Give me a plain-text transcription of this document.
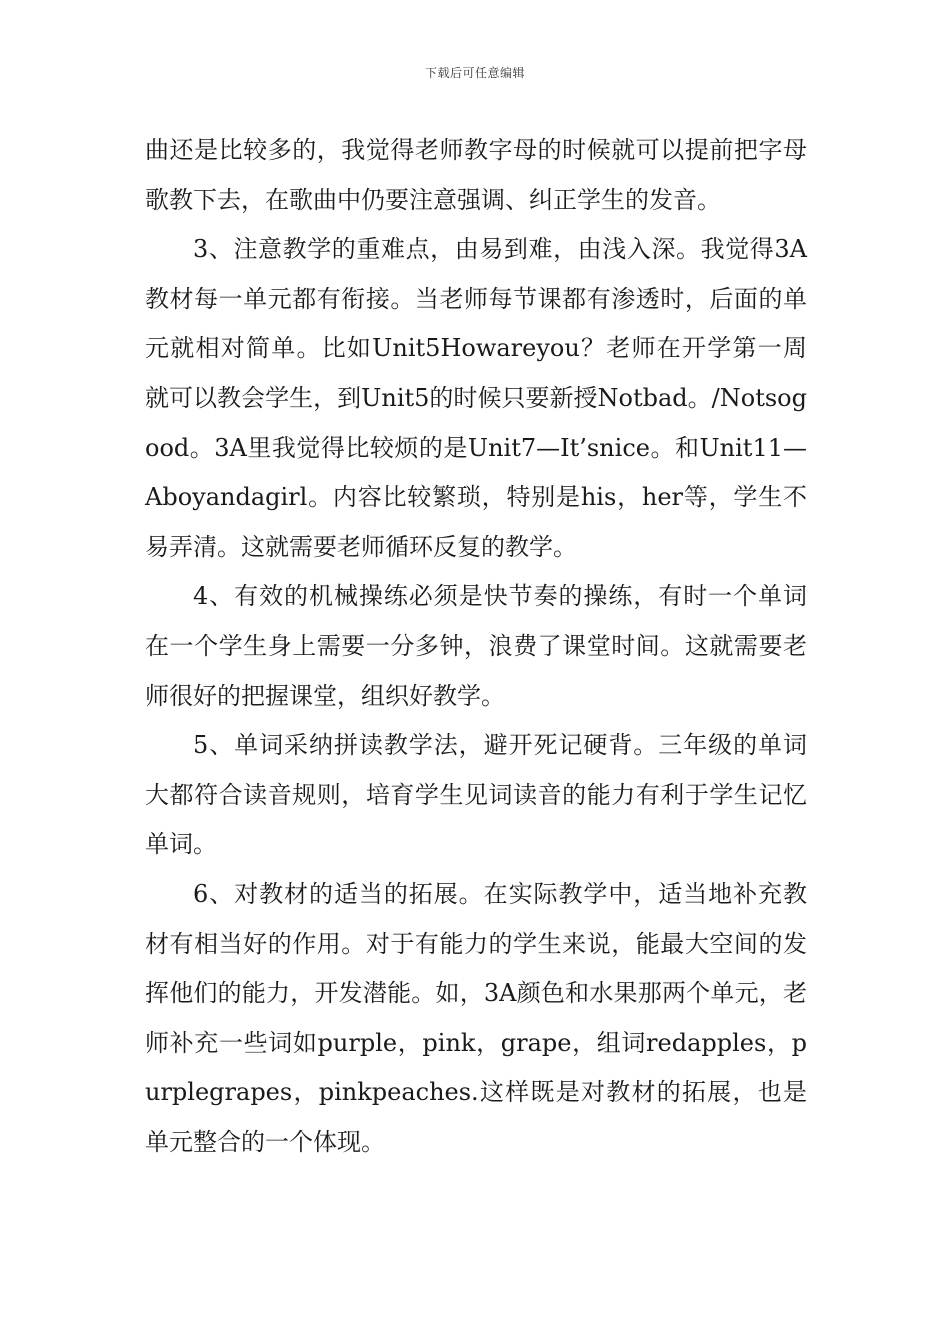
下载后可任意编辑

曲还是比较多的，我觉得老师教字母的时候就可以提前把字母歌教下去，在歌曲中仍要注意强调、纠正学生的发音。

3、注意教学的重难点，由易到难，由浅入深。我觉得3A教材每一单元都有衔接。当老师每节课都有渗透时，后面的单元就相对简单。比如Unit5Howareyou？老师在开学第一周就可以教会学生，到Unit5的时候只要新授Notbad。/Notsogood。3A里我觉得比较烦的是Unit7—It’snice。和Unit11—Aboyandagirl。内容比较繁琐，特别是his，her等，学生不易弄清。这就需要老师循环反复的教学。

4、有效的机械操练必须是快节奏的操练，有时一个单词在一个学生身上需要一分多钟，浪费了课堂时间。这就需要老师很好的把握课堂，组织好教学。

5、单词采纳拼读教学法，避开死记硬背。三年级的单词大都符合读音规则，培育学生见词读音的能力有利于学生记忆单词。

6、对教材的适当的拓展。在实际教学中，适当地补充教材有相当好的作用。对于有能力的学生来说，能最大空间的发挥他们的能力，开发潜能。如，3A颜色和水果那两个单元，老师补充一些词如purple，pink，grape，组词redapples，purplegrapes，pinkpeaches.这样既是对教材的拓展，也是单元整合的一个体现。
